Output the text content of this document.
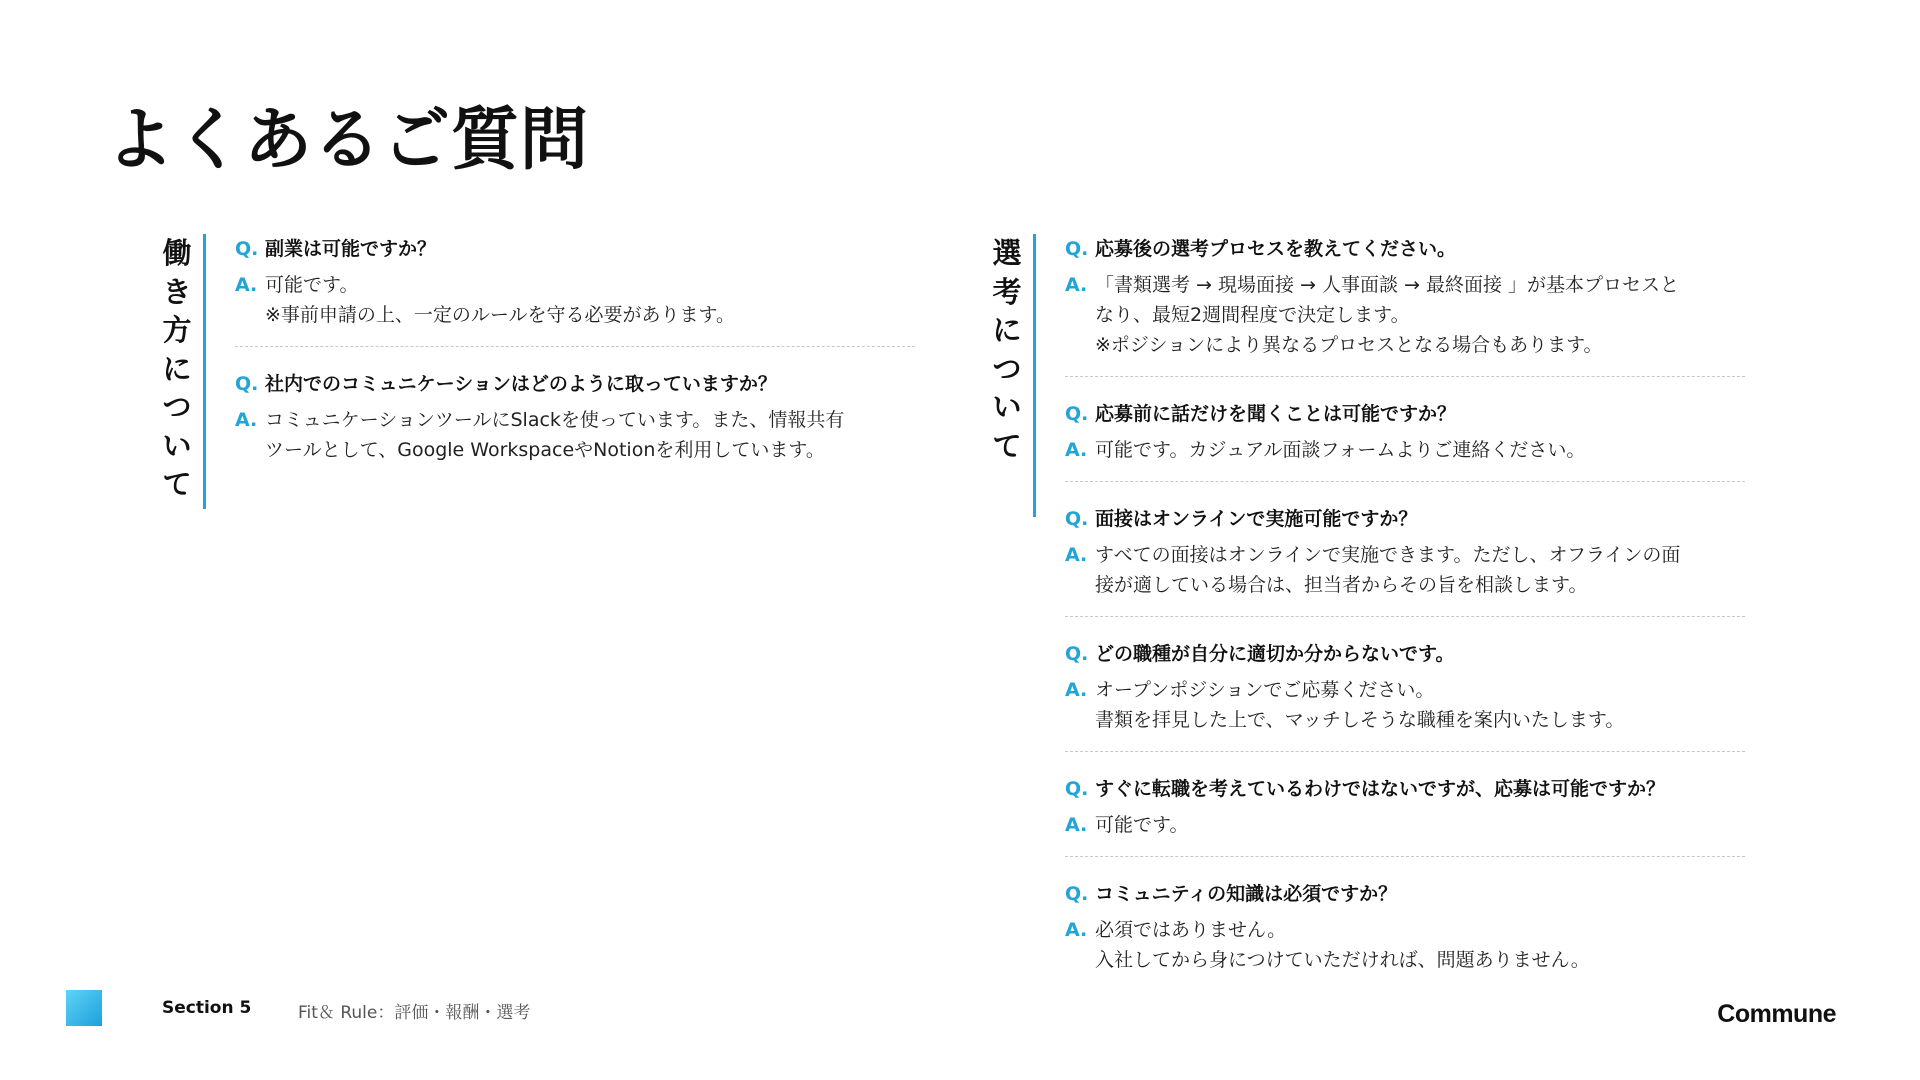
よくあるご質問
働
き
方
に
つ
い
て
Q. 副業は可能ですか？
A. 可能です。
※事前申請の上、一定のルールを守る必要があります。
Q. 社内でのコミュニケーションはどのように取っていますか？
A. コミュニケーションツールにSlackを使っています。また、情報共有
ツールとして、Google WorkspaceやNotionを利用しています。
選
考
に
つ
い
て
Q. 応募後の選考プロセスを教えてください。
A. 「書類選考 → 現場面接 → 人事面談 → 最終面接 」が基本プロセスと
なり、最短2週間程度で決定します。
※ポジションにより異なるプロセスとなる場合もあります。
Q. 応募前に話だけを聞くことは可能ですか？
A. 可能です。カジュアル面談フォームよりご連絡ください。
Q. 面接はオンラインで実施可能ですか？
A. すべての面接はオンラインで実施できます。ただし、オフラインの面
接が適している場合は、担当者からその旨を相談します。
Q. どの職種が自分に適切か分からないです。
A. オープンポジションでご応募ください。
書類を拝見した上で、マッチしそうな職種を案内いたします。
Q. すぐに転職を考えているわけではないですが、応募は可能ですか？
A. 可能です。
Q. コミュニティの知識は必須ですか？
A. 必須ではありません。
入社してから身につけていただければ、問題ありません。
Section 5	Fit＆ Rule：評価・報酬・選考	Commune
